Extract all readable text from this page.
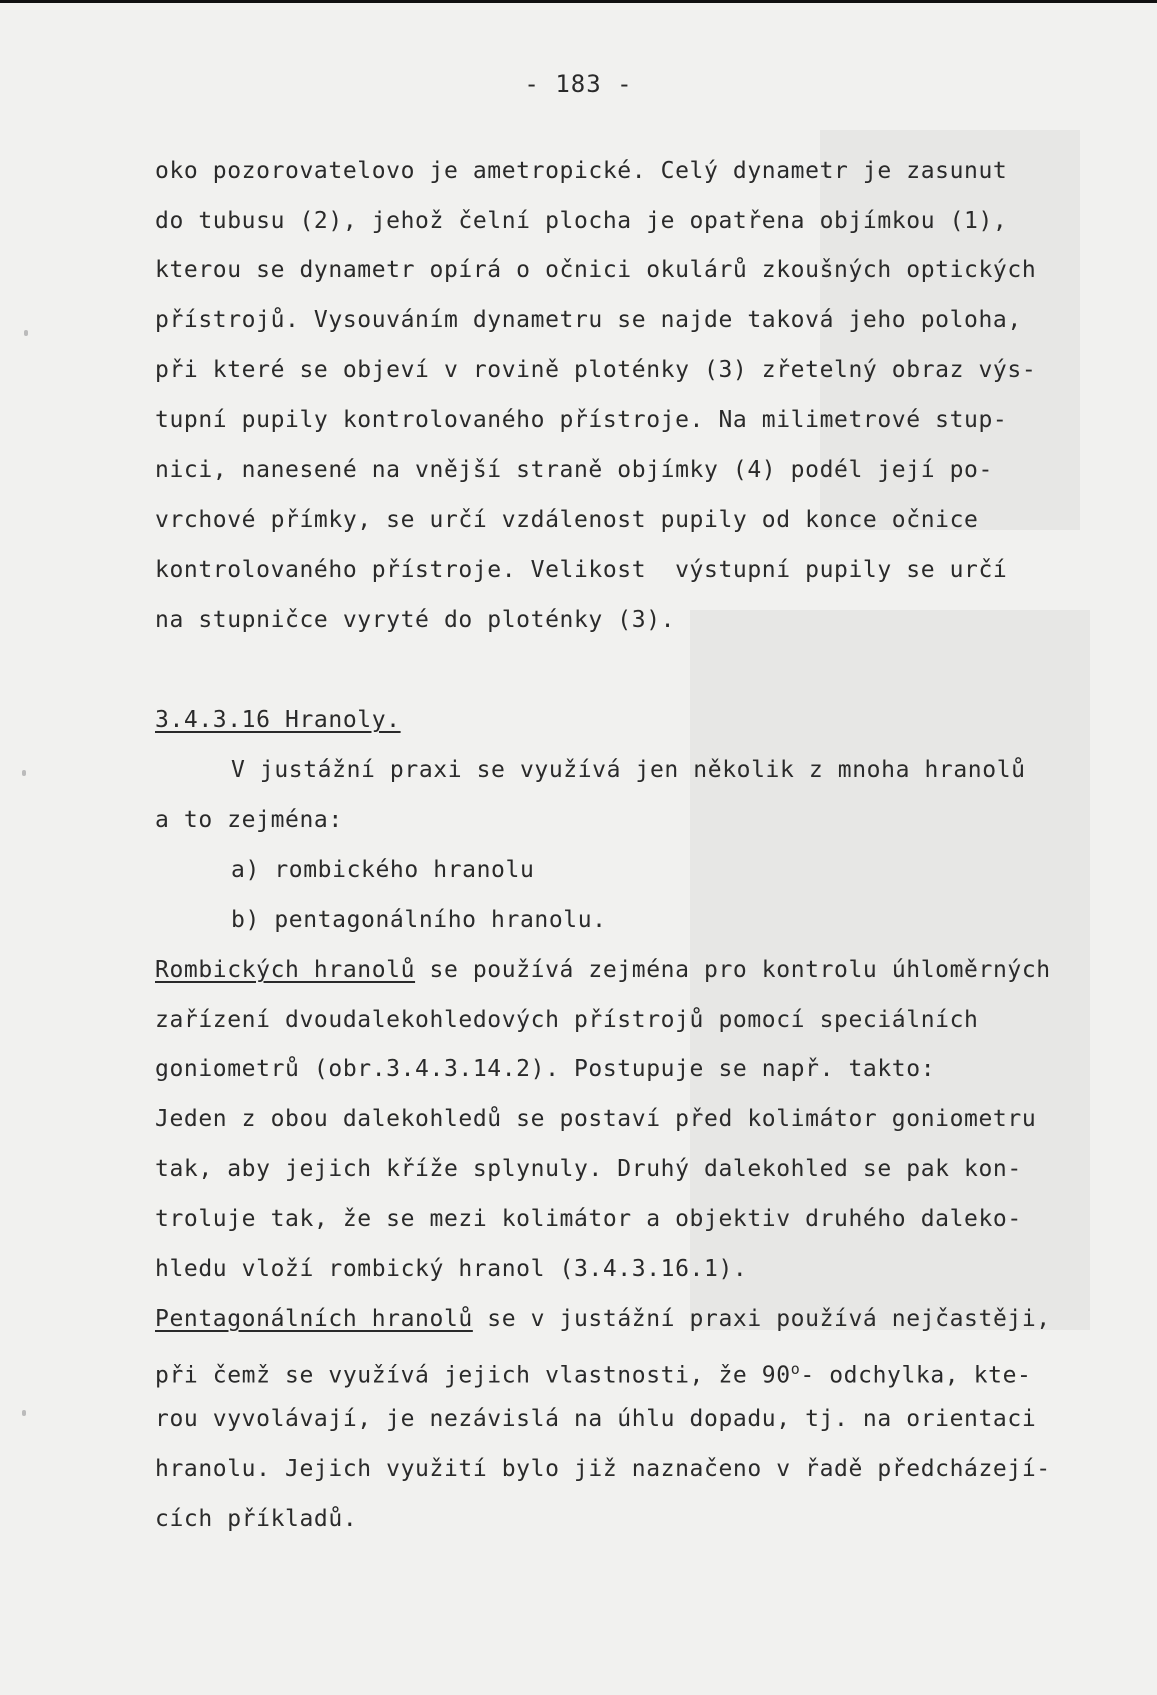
- 183 -
oko pozorovatelovo je ametropické. Celý dynametr je zasunut
do tubusu (2), jehož čelní plocha je opatřena objímkou (1),
kterou se dynametr opírá o očnici okulárů zkoušných optických
přístrojů. Vysouváním dynametru se najde taková jeho poloha,
při které se objeví v rovině ploténky (3) zřetelný obraz výs-
tupní pupily kontrolovaného přístroje. Na milimetrové stup-
nici, nanesené na vnější straně objímky (4) podél její po-
vrchové přímky, se určí vzdálenost pupily od konce očnice
kontrolovaného přístroje. Velikost  výstupní pupily se určí
na stupničce vyryté do ploténky (3).
3.4.3.16 Hranoly.
V justážní praxi se využívá jen několik z mnoha hranolů
a to zejména:
a) rombického hranolu
b) pentagonálního hranolu.
Rombických hranolů se používá zejména pro kontrolu úhloměrných
zařízení dvoudalekohledových přístrojů pomocí speciálních
goniometrů (obr.3.4.3.14.2). Postupuje se např. takto:
Jeden z obou dalekohledů se postaví před kolimátor goniometru
tak, aby jejich kříže splynuly. Druhý dalekohled se pak kon-
troluje tak, že se mezi kolimátor a objektiv druhého daleko-
hledu vloží rombický hranol (3.4.3.16.1).
Pentagonálních hranolů se v justážní praxi používá nejčastěji,
při čemž se využívá jejich vlastnosti, že 90$^o$- odchylka, kte-
rou vyvolávají, je nezávislá na úhlu dopadu, tj. na orientaci
hranolu. Jejich využití bylo již naznačeno v řadě předcházejí-
cích příkladů.
